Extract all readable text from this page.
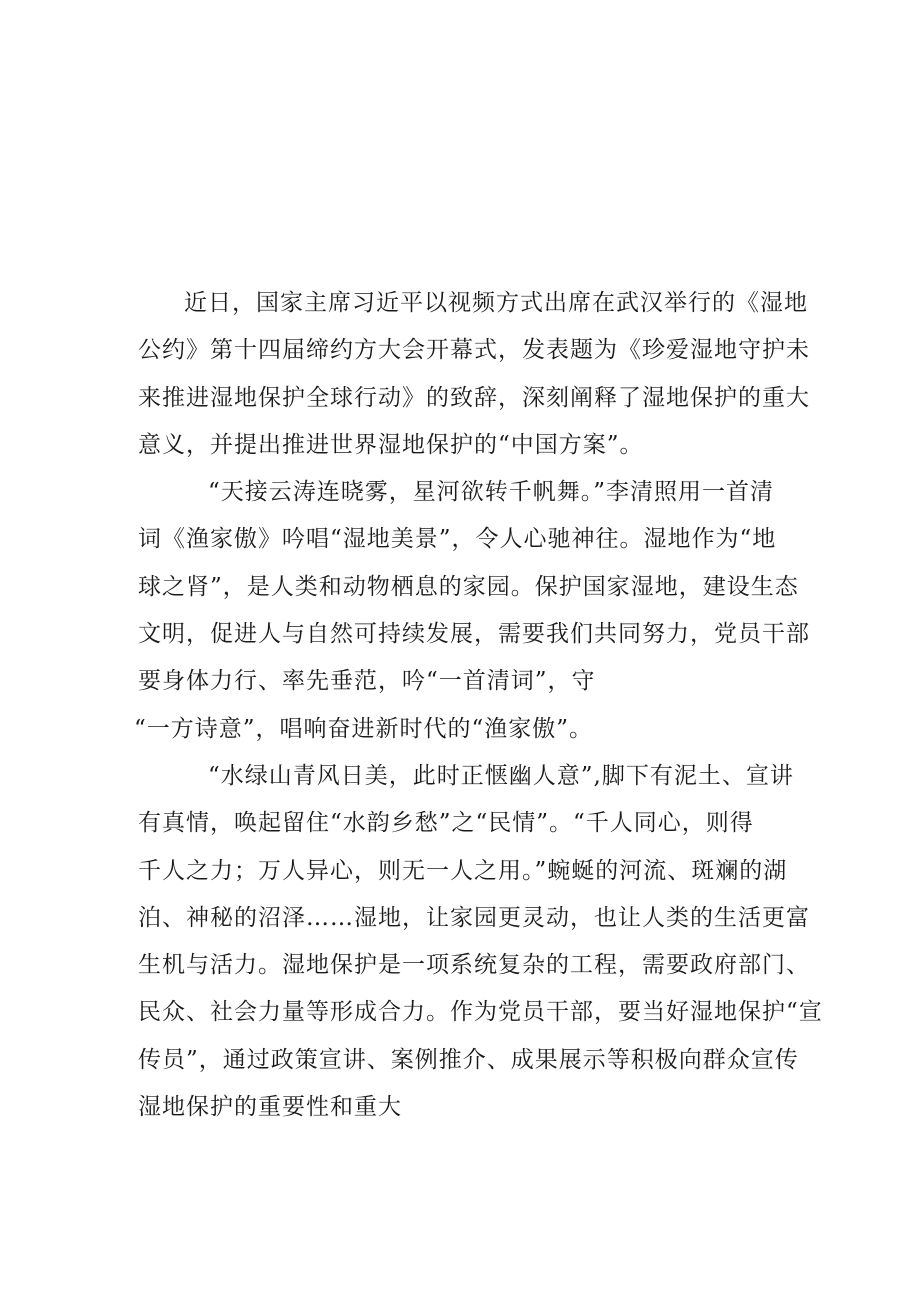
近日，国家主席习近平以视频方式出席在武汉举行的《湿地
公约》第十四届缔约方大会开幕式，发表题为《珍爱湿地守护未
来推进湿地保护全球行动》的致辞，深刻阐释了湿地保护的重大
意义，并提出推进世界湿地保护的“中国方案”。
“天接云涛连晓雾，星河欲转千帆舞。”李清照用一首清
词《渔家傲》吟唱“湿地美景”，令人心驰神往。湿地作为“地
球之肾”，是人类和动物栖息的家园。保护国家湿地，建设生态
文明，促进人与自然可持续发展，需要我们共同努力，党员干部
要身体力行、率先垂范，吟“一首清词”，守
“一方诗意”，唱响奋进新时代的“渔家傲”。
“水绿山青风日美，此时正惬幽人意”,脚下有泥土、宣讲
有真情，唤起留住“水韵乡愁”之“民情”。“千人同心，则得
千人之力；万人异心，则无一人之用。”蜿蜒的河流、斑斓的湖
泊、神秘的沼泽……湿地，让家园更灵动，也让人类的生活更富
生机与活力。湿地保护是一项系统复杂的工程，需要政府部门、
民众、社会力量等形成合力。作为党员干部，要当好湿地保护“宣
传员”，通过政策宣讲、案例推介、成果展示等积极向群众宣传
湿地保护的重要性和重大
